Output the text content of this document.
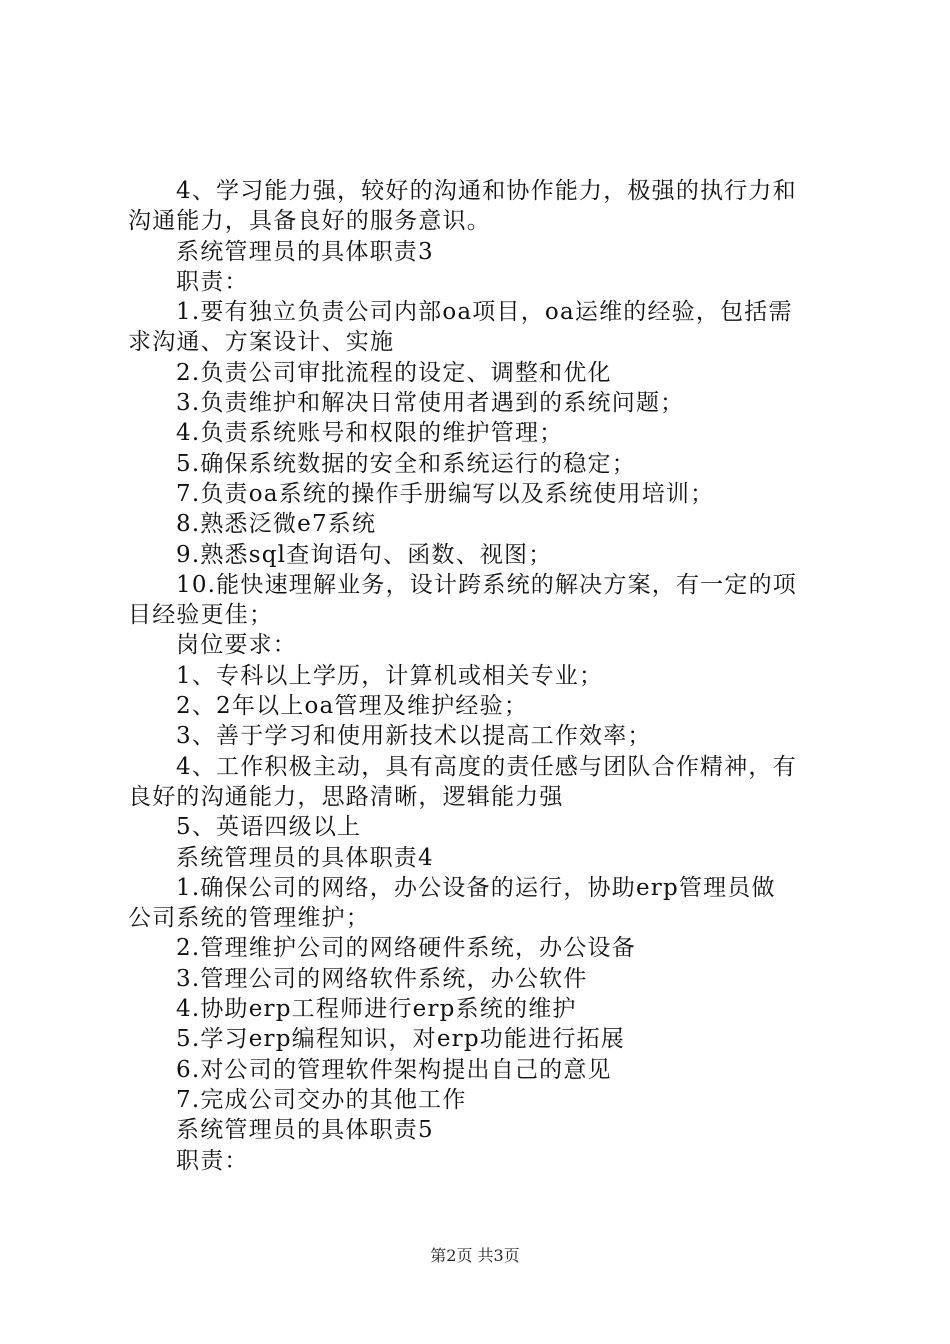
4、学习能力强，较好的沟通和协作能力，极强的执行力和
沟通能力，具备良好的服务意识。
系统管理员的具体职责3
职责：
1.要有独立负责公司内部oa项目，oa运维的经验，包括需
求沟通、方案设计、实施
2.负责公司审批流程的设定、调整和优化
3.负责维护和解决日常使用者遇到的系统问题；
4.负责系统账号和权限的维护管理；
5.确保系统数据的安全和系统运行的稳定；
7.负责oa系统的操作手册编写以及系统使用培训；
8.熟悉泛微e7系统
9.熟悉sql查询语句、函数、视图；
10.能快速理解业务，设计跨系统的解决方案，有一定的项
目经验更佳；
岗位要求：
1、专科以上学历，计算机或相关专业；
2、2年以上oa管理及维护经验；
3、善于学习和使用新技术以提高工作效率；
4、工作积极主动，具有高度的责任感与团队合作精神，有
良好的沟通能力，思路清晰，逻辑能力强
5、英语四级以上
系统管理员的具体职责4
1.确保公司的网络，办公设备的运行，协助erp管理员做
公司系统的管理维护；
2.管理维护公司的网络硬件系统，办公设备
3.管理公司的网络软件系统，办公软件
4.协助erp工程师进行erp系统的维护
5.学习erp编程知识，对erp功能进行拓展
6.对公司的管理软件架构提出自己的意见
7.完成公司交办的其他工作
系统管理员的具体职责5
职责：
第2页 共3页
